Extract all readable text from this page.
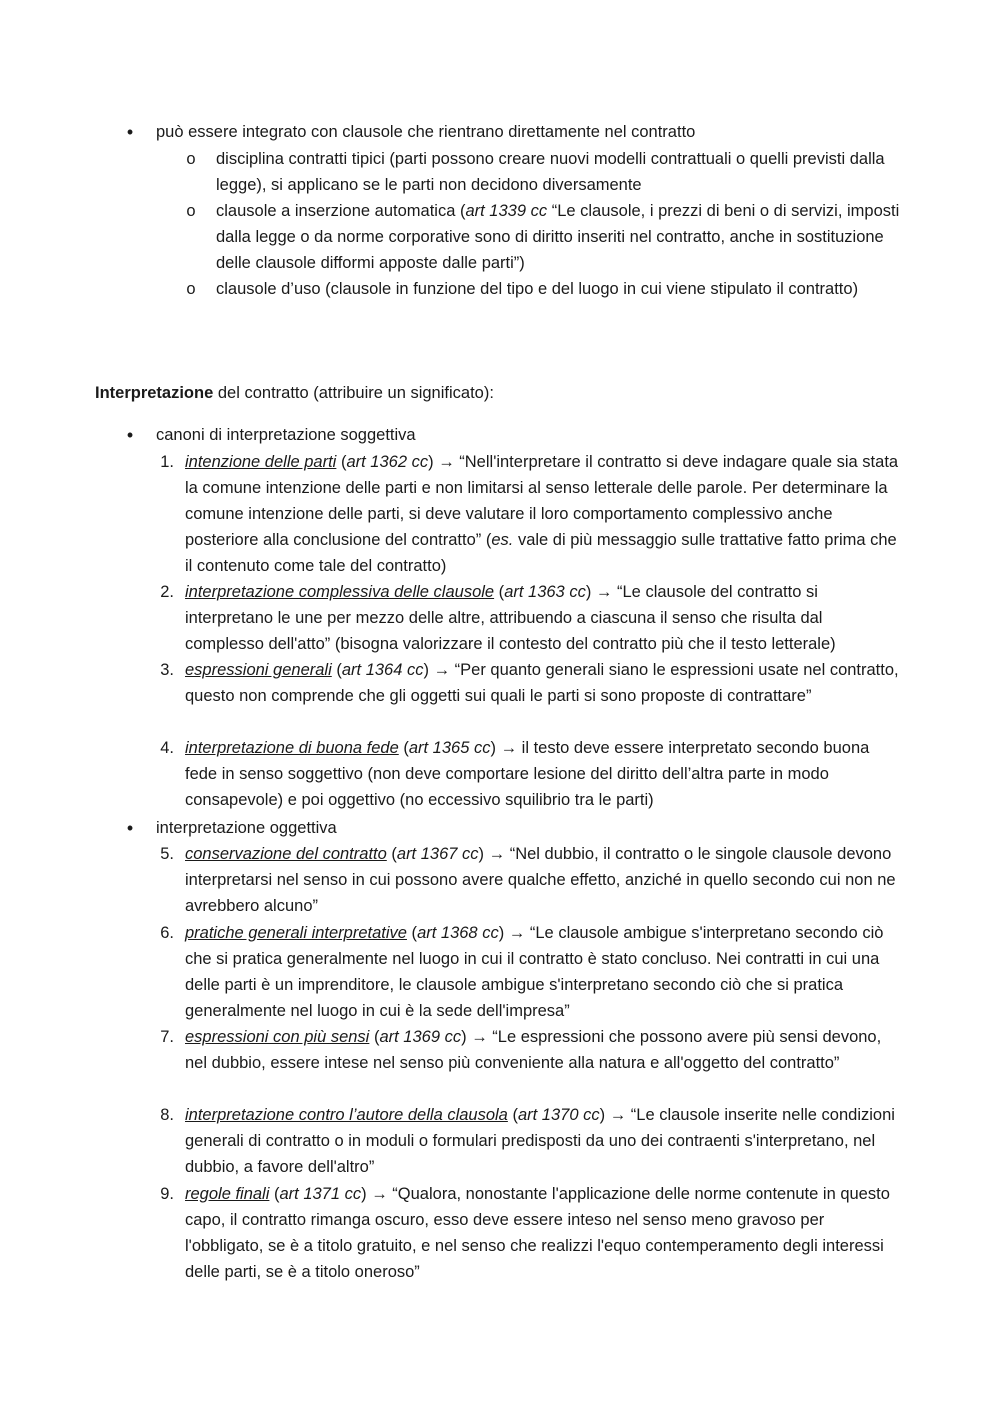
• può essere integrato con clausole che rientrano direttamente nel contratto
o disciplina contratti tipici (parti possono creare nuovi modelli contrattuali o quelli previsti dalla legge), si applicano se le parti non decidono diversamente
o clausole a inserzione automatica (art 1339 cc “Le clausole, i prezzi di beni o di servizi, imposti dalla legge o da norme corporative sono di diritto inseriti nel contratto, anche in sostituzione delle clausole difformi apposte dalle parti”)
o clausole d’uso (clausole in funzione del tipo e del luogo in cui viene stipulato il contratto)
Interpretazione del contratto (attribuire un significato):
• canoni di interpretazione soggettiva
1. intenzione delle parti (art 1362 cc) → “Nell'interpretare il contratto si deve indagare quale sia stata la comune intenzione delle parti e non limitarsi al senso letterale delle parole. Per determinare la comune intenzione delle parti, si deve valutare il loro comportamento complessivo anche posteriore alla conclusione del contratto” (es. vale di più messaggio sulle trattative fatto prima che il contenuto come tale del contratto)
2. interpretazione complessiva delle clausole (art 1363 cc) → “Le clausole del contratto si interpretano le une per mezzo delle altre, attribuendo a ciascuna il senso che risulta dal complesso dell'atto” (bisogna valorizzare il contesto del contratto più che il testo letterale)
3. espressioni generali (art 1364 cc) → “Per quanto generali siano le espressioni usate nel contratto, questo non comprende che gli oggetti sui quali le parti si sono proposte di contrattare”
4. interpretazione di buona fede (art 1365 cc) → il testo deve essere interpretato secondo buona fede in senso soggettivo (non deve comportare lesione del diritto dell’altra parte in modo consapevole) e poi oggettivo (no eccessivo squilibrio tra le parti)
• interpretazione oggettiva
5. conservazione del contratto (art 1367 cc) → “Nel dubbio, il contratto o le singole clausole devono interpretarsi nel senso in cui possono avere qualche effetto, anziché in quello secondo cui non ne avrebbero alcuno”
6. pratiche generali interpretative (art 1368 cc) → “Le clausole ambigue s'interpretano secondo ciò che si pratica generalmente nel luogo in cui il contratto è stato concluso. Nei contratti in cui una delle parti è un imprenditore, le clausole ambigue s'interpretano secondo ciò che si pratica generalmente nel luogo in cui è la sede dell'impresa”
7. espressioni con più sensi (art 1369 cc) → “Le espressioni che possono avere più sensi devono, nel dubbio, essere intese nel senso più conveniente alla natura e all'oggetto del contratto”
8. interpretazione contro l’autore della clausola (art 1370 cc) → “Le clausole inserite nelle condizioni generali di contratto o in moduli o formulari predisposti da uno dei contraenti s'interpretano, nel dubbio, a favore dell'altro”
9. regole finali (art 1371 cc) → “Qualora, nonostante l'applicazione delle norme contenute in questo capo, il contratto rimanga oscuro, esso deve essere inteso nel senso meno gravoso per l'obbligato, se è a titolo gratuito, e nel senso che realizzi l'equo contemperamento degli interessi delle parti, se è a titolo oneroso”
